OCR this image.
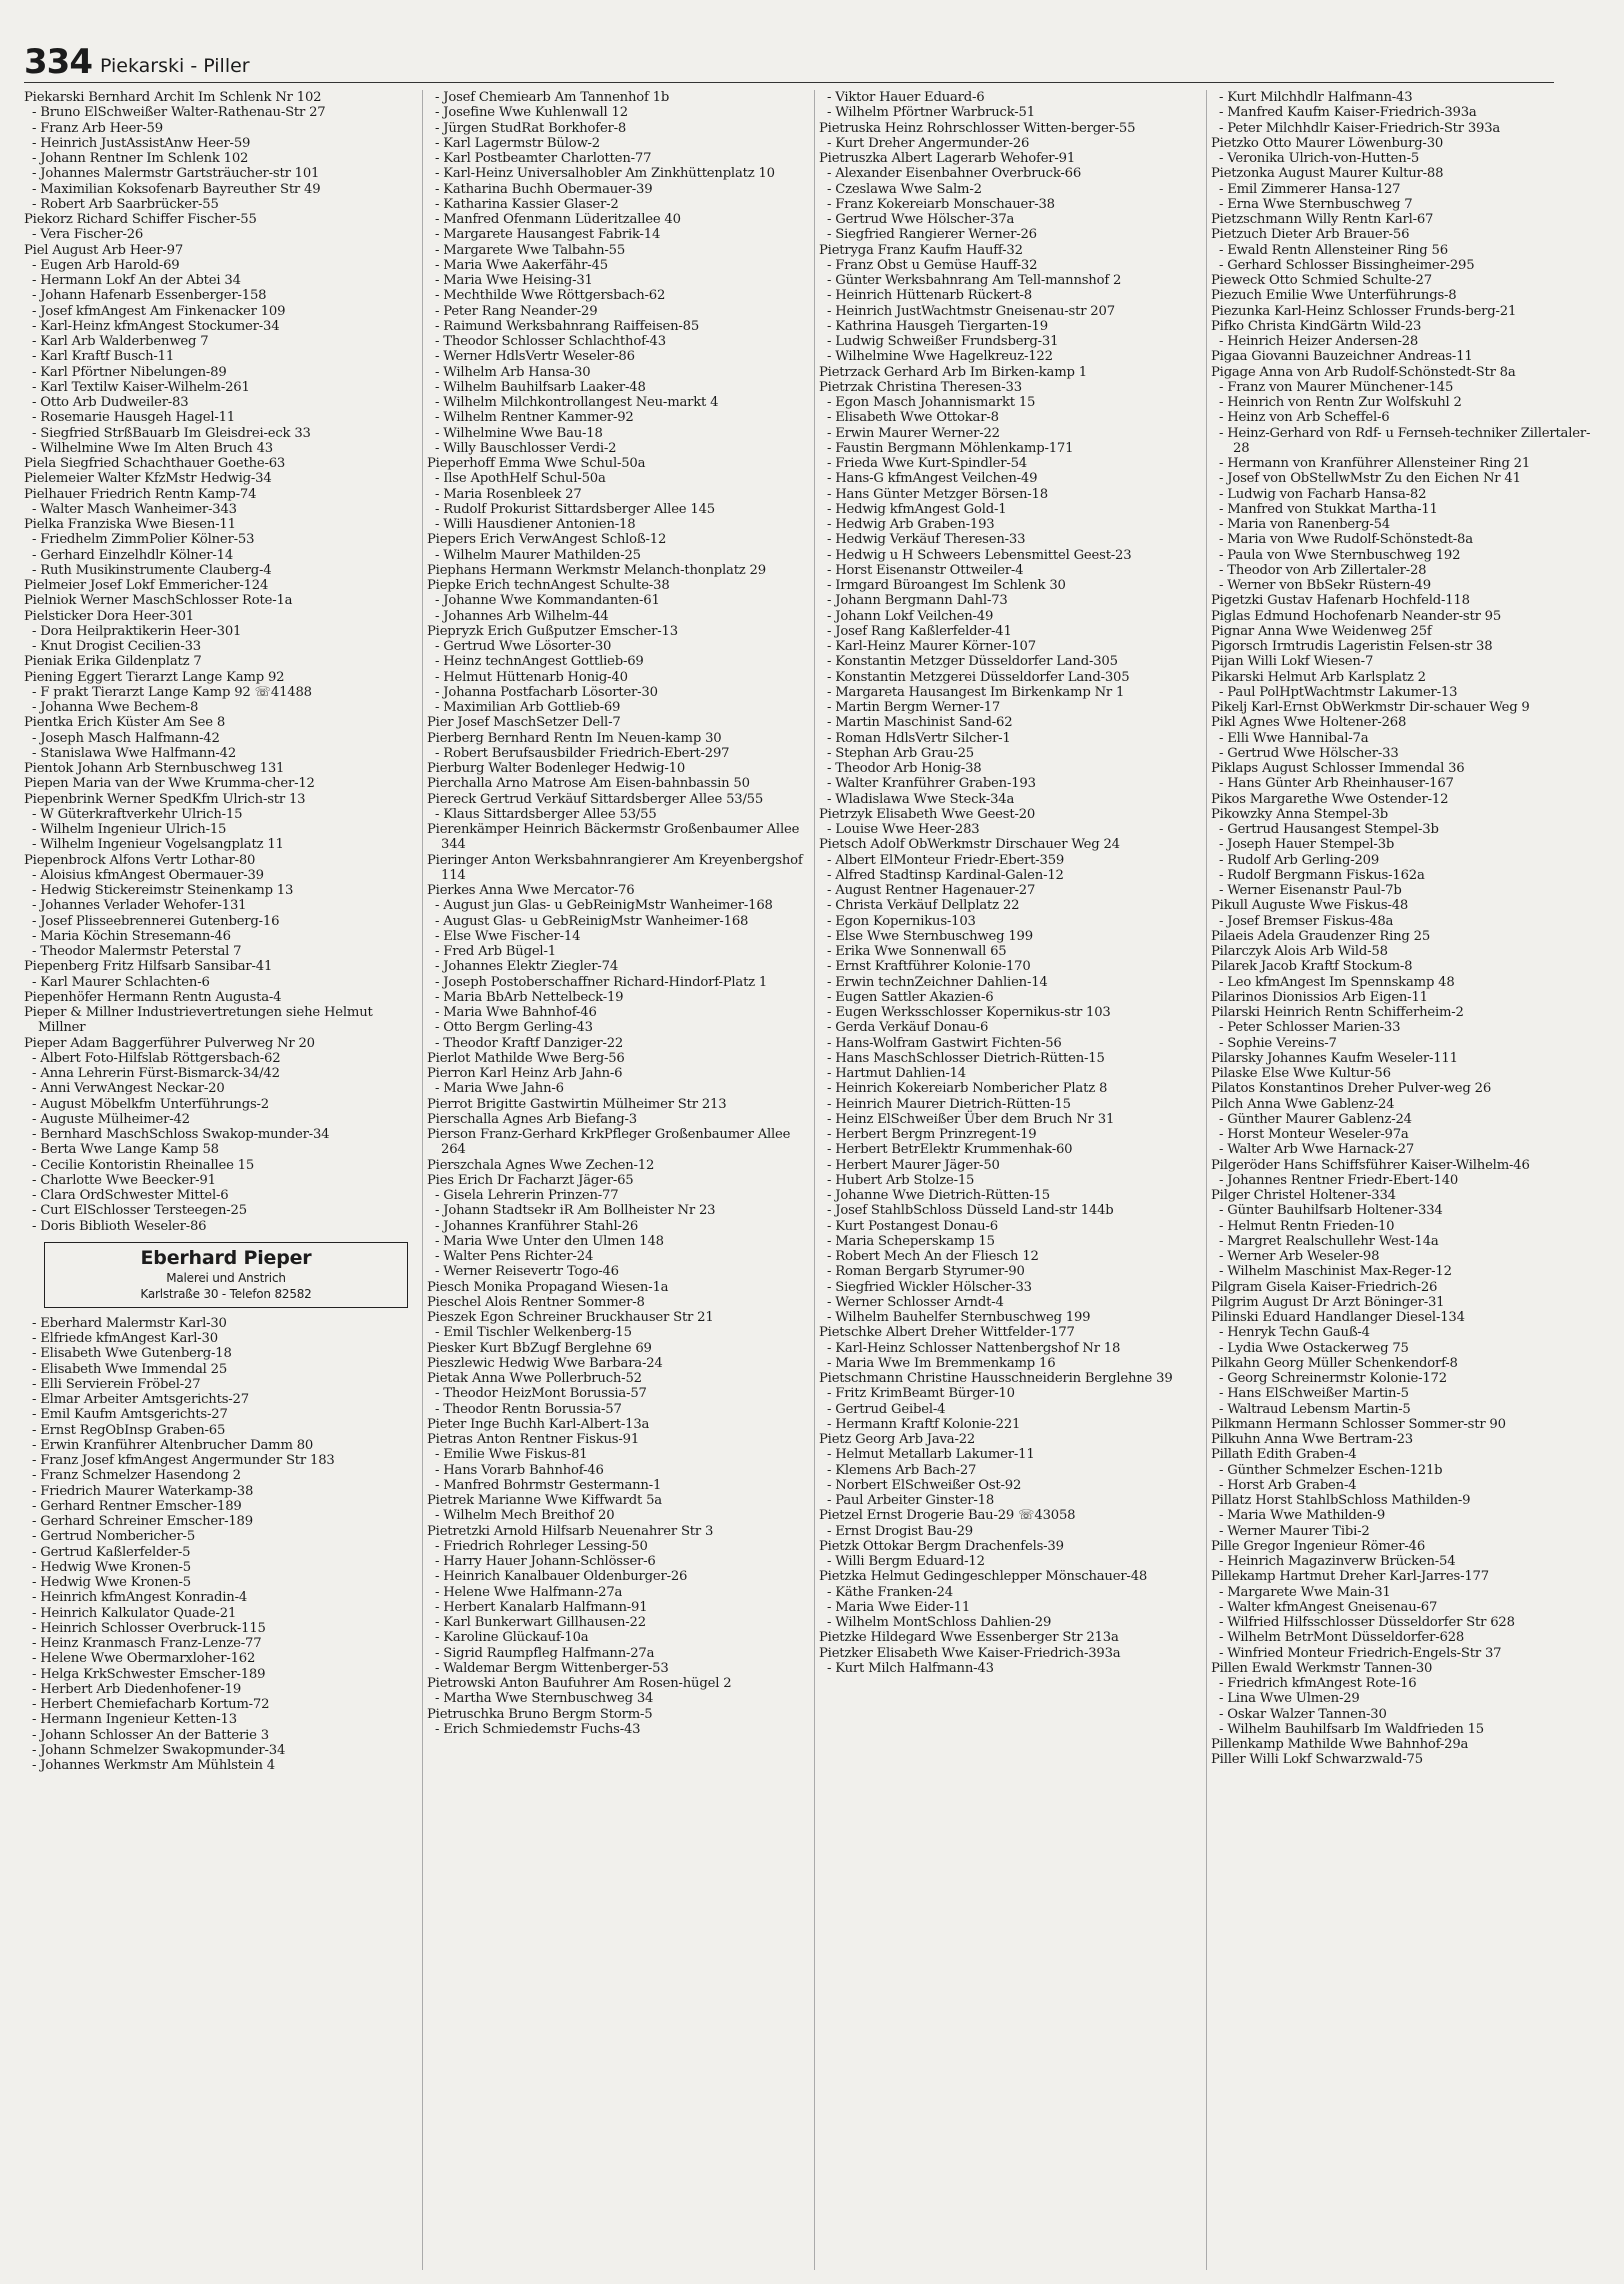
334 Piekarski - Piller
Piekarski Bernhard Archit Im Schlenk Nr 102
- Bruno ElSchweißer Walter-Rathenau-Str 27
- Franz Arb Heer-59
- Heinrich JustAssistAnw Heer-59
- Johann Rentner Im Schlenk 102
- Johannes Malermstr Gartsträucher-str 101
- Maximilian Koksofenarb Bayreuther Str 49
- Robert Arb Saarbrücker-55
Piekorz Richard Schiffer Fischer-55
- Vera Fischer-26
Piel August Arb Heer-97
- Eugen Arb Harold-69
- Hermann Lokf An der Abtei 34
- Johann Hafenarb Essenberger-158
- Josef kfmAngest Am Finkenacker 109
- Karl-Heinz kfmAngest Stockumer-34
- Karl Arb Walderbenweg 7
- Karl Kraftf Busch-11
- Karl Pförtner Nibelungen-89
- Karl Textilw Kaiser-Wilhelm-261
- Otto Arb Dudweiler-83
- Rosemarie Hausgeh Hagel-11
- Siegfried StrßBauarb Im Gleisdrei-eck 33
- Wilhelmine Wwe Im Alten Bruch 43
Piela Siegfried Schachthauer Goethe-63
Pielemeier Walter KfzMstr Hedwig-34
Pielhauer Friedrich Rentn Kamp-74
- Walter Masch Wanheimer-343
Pielka Franziska Wwe Biesen-11
- Friedhelm ZimmPolier Kölner-53
- Gerhard Einzelhdlr Kölner-14
- Ruth Musikinstrumente Clauberg-4
Pielmeier Josef Lokf Emmericher-124
Pielniok Werner MaschSchlosser Rote-1a
Pielsticker Dora Heer-301
- Dora Heilpraktikerin Heer-301
- Knut Drogist Cecilien-33
Pieniak Erika Gildenplatz 7
Piening Eggert Tierarzt Lange Kamp 92
- F prakt Tierarzt Lange Kamp 92 ☏41488
- Johanna Wwe Bechem-8
Pientka Erich Küster Am See 8
- Joseph Masch Halfmann-42
- Stanislawa Wwe Halfmann-42
Pientok Johann Arb Sternbuschweg 131
Piepen Maria van der Wwe Krumma-cher-12
Piepenbrink Werner SpedKfm Ulrich-str 13
- W Güterkraftverkehr Ulrich-15
- Wilhelm Ingenieur Ulrich-15
- Wilhelm Ingenieur Vogelsangplatz 11
Piepenbrock Alfons Vertr Lothar-80
- Aloisius kfmAngest Obermauer-39
- Hedwig Stickereimstr Steinenkamp 13
- Johannes Verlader Wehofer-131
- Josef Plisseebrennerei Gutenberg-16
- Maria Köchin Stresemann-46
- Theodor Malermstr Peterstal 7
Piepenberg Fritz Hilfsarb Sansibar-41
- Karl Maurer Schlachten-6
Piepenhöfer Hermann Rentn Augusta-4
Pieper & Millner Industrievertretungen siehe Helmut Millner
Pieper Adam Baggerführer Pulverweg Nr 20
- Albert Foto-Hilfslab Röttgersbach-62
- Anna Lehrerin Fürst-Bismarck-34/42
- Anni VerwAngest Neckar-20
- August Möbelkfm Unterführungs-2
- Auguste Mülheimer-42
- Bernhard MaschSchloss Swakop-munder-34
- Berta Wwe Lange Kamp 58
- Cecilie Kontoristin Rheinallee 15
- Charlotte Wwe Beecker-91
- Clara OrdSchwester Mittel-6
- Curt ElSchlosser Tersteegen-25
- Doris Biblioth Weseler-86
Eberhard Pieper
Malerei und Anstrich
Karlstraße 30 - Telefon 82582
- Eberhard Malermstr Karl-30
- Elfriede kfmAngest Karl-30
- Elisabeth Wwe Gutenberg-18
- Elisabeth Wwe Immendal 25
- Elli Servierein Fröbel-27
- Elmar Arbeiter Amtsgerichts-27
- Emil Kaufm Amtsgerichts-27
- Ernst RegObInsp Graben-65
- Erwin Kranführer Altenbrucher Damm 80
- Franz Josef kfmAngest Angermunder Str 183
- Franz Schmelzer Hasendong 2
- Friedrich Maurer Waterkamp-38
- Gerhard Rentner Emscher-189
- Gerhard Schreiner Emscher-189
- Gertrud Nombericher-5
- Gertrud Kaßlerfelder-5
- Hedwig Wwe Kronen-5
- Hedwig Wwe Kronen-5
- Heinrich kfmAngest Konradin-4
- Heinrich Kalkulator Quade-21
- Heinrich Schlosser Overbruck-115
- Heinz Kranmasch Franz-Lenze-77
- Helene Wwe Obermarxloher-162
- Helga KrkSchwester Emscher-189
- Herbert Arb Diedenhofener-19
- Herbert Chemiefacharb Kortum-72
- Hermann Ingenieur Ketten-13
- Johann Schlosser An der Batterie 3
- Johann Schmelzer Swakopmunder-34
- Johannes Werkmstr Am Mühlstein 4
- Josef Chemiearb Am Tannenhof 1b
- Josefine Wwe Kuhlenwall 12
- Jürgen StudRat Borkhofer-8
- Karl Lagermstr Bülow-2
- Karl Postbeamter Charlotten-77
- Karl-Heinz Universalhobler Am Zinkhüttenplatz 10
- Katharina Buchh Obermauer-39
- Katharina Kassier Glaser-2
- Manfred Ofenmann Lüderitzallee 40
- Margarete Hausangest Fabrik-14
- Margarete Wwe Talbahn-55
- Maria Wwe Aakerfähr-45
- Maria Wwe Heising-31
- Mechthilde Wwe Röttgersbach-62
- Peter Rang Neander-29
- Raimund Werksbahnrang Raiffeisen-85
- Theodor Schlosser Schlachthof-43
- Werner HdlsVertr Weseler-86
- Wilhelm Arb Hansa-30
- Wilhelm Bauhilfsarb Laaker-48
- Wilhelm Milchkontrollangest Neu-markt 4
- Wilhelm Rentner Kammer-92
- Wilhelmine Wwe Bau-18
- Willy Bauschlosser Verdi-2
Pieperhoff Emma Wwe Schul-50a
- Ilse ApothHelf Schul-50a
- Maria Rosenbleek 27
- Rudolf Prokurist Sittardsberger Allee 145
- Willi Hausdiener Antonien-18
Piepers Erich VerwAngest Schloß-12
- Wilhelm Maurer Mathilden-25
Piephans Hermann Werkmstr Melanch-thonplatz 29
Piepke Erich technAngest Schulte-38
- Johanne Wwe Kommandanten-61
- Johannes Arb Wilhelm-44
Piepryzk Erich Gußputzer Emscher-13
- Gertrud Wwe Lösorter-30
- Heinz technAngest Gottlieb-69
- Helmut Hüttenarb Honig-40
- Johanna Postfacharb Lösorter-30
- Maximilian Arb Gottlieb-69
Pier Josef MaschSetzer Dell-7
Pierberg Bernhard Rentn Im Neuen-kamp 30
- Robert Berufsausbilder Friedrich-Ebert-297
Pierburg Walter Bodenleger Hedwig-10
Pierchalla Arno Matrose Am Eisen-bahnbassin 50
Piereck Gertrud Verkäuf Sittardsberger Allee 53/55
- Klaus Sittardsberger Allee 53/55
Pierenkämper Heinrich Bäckermstr Großenbaumer Allee 344
Pieringer Anton Werksbahnrangierer Am Kreyenbergshof 114
Pierkes Anna Wwe Mercator-76
- August jun Glas- u GebReinigMstr Wanheimer-168
- August Glas- u GebReinigMstr Wanheimer-168
- Else Wwe Fischer-14
- Fred Arb Bügel-1
- Johannes Elektr Ziegler-74
- Joseph Postoberschaffner Richard-Hindorf-Platz 1
- Maria BbArb Nettelbeck-19
- Maria Wwe Bahnhof-46
- Otto Bergm Gerling-43
- Theodor Kraftf Danziger-22
Pierlot Mathilde Wwe Berg-56
Pierron Karl Heinz Arb Jahn-6
- Maria Wwe Jahn-6
Pierrot Brigitte Gastwirtin Mülheimer Str 213
Pierschalla Agnes Arb Biefang-3
Pierson Franz-Gerhard KrkPfleger Großenbaumer Allee 264
Pierszchala Agnes Wwe Zechen-12
Pies Erich Dr Facharzt Jäger-65
- Gisela Lehrerin Prinzen-77
- Johann Stadtsekr iR Am Bollheister Nr 23
- Johannes Kranführer Stahl-26
- Maria Wwe Unter den Ulmen 148
- Walter Pens Richter-24
- Werner Reisevertr Togo-46
Piesch Monika Propagand Wiesen-1a
Pieschel Alois Rentner Sommer-8
Pieszek Egon Schreiner Bruckhauser Str 21
- Emil Tischler Welkenberg-15
Piesker Kurt BbZugf Berglehne 69
Pieszlewic Hedwig Wwe Barbara-24
Pietak Anna Wwe Pollerbruch-52
- Theodor HeizMont Borussia-57
- Theodor Rentn Borussia-57
Pieter Inge Buchh Karl-Albert-13a
Pietras Anton Rentner Fiskus-91
- Emilie Wwe Fiskus-81
- Hans Vorarb Bahnhof-46
- Manfred Bohrmstr Gestermann-1
Pietrek Marianne Wwe Kiffwardt 5a
- Wilhelm Mech Breithof 20
Pietretzki Arnold Hilfsarb Neuenahrer Str 3
- Friedrich Rohrleger Lessing-50
- Harry Hauer Johann-Schlösser-6
- Heinrich Kanalbauer Oldenburger-26
- Helene Wwe Halfmann-27a
- Herbert Kanalarb Halfmann-91
- Karl Bunkerwart Gillhausen-22
- Karoline Glückauf-10a
- Sigrid Raumpfleg Halfmann-27a
- Waldemar Bergm Wittenberger-53
Pietrowski Anton Baufuhrer Am Rosen-hügel 2
- Martha Wwe Sternbuschweg 34
Pietruschka Bruno Bergm Storm-5
- Erich Schmiedemstr Fuchs-43
- Viktor Hauer Eduard-6
- Wilhelm Pförtner Warbruck-51
Pietruska Heinz Rohrschlosser Witten-berger-55
- Kurt Dreher Angermunder-26
Pietruszka Albert Lagerarb Wehofer-91
- Alexander Eisenbahner Overbruck-66
- Czeslawa Wwe Salm-2
- Franz Kokereiarb Monschauer-38
- Gertrud Wwe Hölscher-37a
- Siegfried Rangierer Werner-26
Pietryga Franz Kaufm Hauff-32
- Franz Obst u Gemüse Hauff-32
- Günter Werksbahnrang Am Tell-mannshof 2
- Heinrich Hüttenarb Rückert-8
- Heinrich JustWachtmstr Gneisenau-str 207
- Kathrina Hausgeh Tiergarten-19
- Ludwig Schweißer Frundsberg-31
- Wilhelmine Wwe Hagelkreuz-122
Pietrzack Gerhard Arb Im Birken-kamp 1
Pietrzak Christina Theresen-33
- Egon Masch Johannismarkt 15
- Elisabeth Wwe Ottokar-8
- Erwin Maurer Werner-22
- Faustin Bergmann Möhlenkamp-171
- Frieda Wwe Kurt-Spindler-54
- Hans-G kfmAngest Veilchen-49
- Hans Günter Metzger Börsen-18
- Hedwig kfmAngest Gold-1
- Hedwig Arb Graben-193
- Hedwig Verkäuf Theresen-33
- Hedwig u H Schweers Lebensmittel Geest-23
- Horst Eisenanstr Ottweiler-4
- Irmgard Büroangest Im Schlenk 30
- Johann Bergmann Dahl-73
- Johann Lokf Veilchen-49
- Josef Rang Kaßlerfelder-41
- Karl-Heinz Maurer Körner-107
- Konstantin Metzger Düsseldorfer Land-305
- Konstantin Metzgerei Düsseldorfer Land-305
- Margareta Hausangest Im Birkenkamp Nr 1
- Martin Bergm Werner-17
- Martin Maschinist Sand-62
- Roman HdlsVertr Silcher-1
- Stephan Arb Grau-25
- Theodor Arb Honig-38
- Walter Kranführer Graben-193
- Wladislawa Wwe Steck-34a
Pietrzyk Elisabeth Wwe Geest-20
- Louise Wwe Heer-283
Pietsch Adolf ObWerkmstr Dirschauer Weg 24
- Albert ElMonteur Friedr-Ebert-359
- Alfred Stadtinsp Kardinal-Galen-12
- August Rentner Hagenauer-27
- Christa Verkäuf Dellplatz 22
- Egon Kopernikus-103
- Else Wwe Sternbuschweg 199
- Erika Wwe Sonnenwall 65
- Ernst Kraftführer Kolonie-170
- Erwin technZeichner Dahlien-14
- Eugen Sattler Akazien-6
- Eugen Werksschlosser Kopernikus-str 103
- Gerda Verkäuf Donau-6
- Hans-Wolfram Gastwirt Fichten-56
- Hans MaschSchlosser Dietrich-Rütten-15
- Hartmut Dahlien-14
- Heinrich Kokereiarb Nombericher Platz 8
- Heinrich Maurer Dietrich-Rütten-15
- Heinz ElSchweißer Über dem Bruch Nr 31
- Herbert Bergm Prinzregent-19
- Herbert BetrElektr Krummenhak-60
- Herbert Maurer Jäger-50
- Hubert Arb Stolze-15
- Johanne Wwe Dietrich-Rütten-15
- Josef StahlbSchloss Düsseld Land-str 144b
- Kurt Postangest Donau-6
- Maria Scheperskamp 15
- Robert Mech An der Fliesch 12
- Roman Bergarb Styrumer-90
- Siegfried Wickler Hölscher-33
- Werner Schlosser Arndt-4
- Wilhelm Bauhelfer Sternbuschweg 199
Pietschke Albert Dreher Wittfelder-177
- Karl-Heinz Schlosser Nattenbergshof Nr 18
- Maria Wwe Im Bremmenkamp 16
Pietschmann Christine Hausschneiderin Berglehne 39
- Fritz KrimBeamt Bürger-10
- Gertrud Geibel-4
- Hermann Kraftf Kolonie-221
Pietz Georg Arb Java-22
- Helmut Metallarb Lakumer-11
- Klemens Arb Bach-27
- Norbert ElSchweißer Ost-92
- Paul Arbeiter Ginster-18
Pietzel Ernst Drogerie Bau-29 ☏43058
- Ernst Drogist Bau-29
Pietzk Ottokar Bergm Drachenfels-39
- Willi Bergm Eduard-12
Pietzka Helmut Gedingeschlepper Mönschauer-48
- Käthe Franken-24
- Maria Wwe Eider-11
- Wilhelm MontSchloss Dahlien-29
Pietzke Hildegard Wwe Essenberger Str 213a
Pietzker Elisabeth Wwe Kaiser-Friedrich-393a
- Kurt Milch Halfmann-43
- Kurt Milchhdlr Halfmann-43
- Manfred Kaufm Kaiser-Friedrich-393a
- Peter Milchhdlr Kaiser-Friedrich-Str 393a
Pietzko Otto Maurer Löwenburg-30
- Veronika Ulrich-von-Hutten-5
Pietzonka August Maurer Kultur-88
- Emil Zimmerer Hansa-127
- Erna Wwe Sternbuschweg 7
Pietzschmann Willy Rentn Karl-67
Pietzuch Dieter Arb Brauer-56
- Ewald Rentn Allensteiner Ring 56
- Gerhard Schlosser Bissingheimer-295
Pieweck Otto Schmied Schulte-27
Piezuch Emilie Wwe Unterführungs-8
Piezunka Karl-Heinz Schlosser Frunds-berg-21
Pifko Christa KindGärtn Wild-23
- Heinrich Heizer Andersen-28
Pigaa Giovanni Bauzeichner Andreas-11
Pigage Anna von Arb Rudolf-Schönstedt-Str 8a
- Franz von Maurer Münchener-145
- Heinrich von Rentn Zur Wolfskuhl 2
- Heinz von Arb Scheffel-6
- Heinz-Gerhard von Rdf- u Fernseh-techniker Zillertaler-28
- Hermann von Kranführer Allensteiner Ring 21
- Josef von ObStellwMstr Zu den Eichen Nr 41
- Ludwig von Facharb Hansa-82
- Manfred von Stukkat Martha-11
- Maria von Ranenberg-54
- Maria von Wwe Rudolf-Schönstedt-8a
- Paula von Wwe Sternbuschweg 192
- Theodor von Arb Zillertaler-28
- Werner von BbSekr Rüstern-49
Pigetzki Gustav Hafenarb Hochfeld-118
Piglas Edmund Hochofenarb Neander-str 95
Pignar Anna Wwe Weidenweg 25f
Pigorsch Irmtrudis Lageristin Felsen-str 38
Pijan Willi Lokf Wiesen-7
Pikarski Helmut Arb Karlsplatz 2
- Paul PolHptWachtmstr Lakumer-13
Pikelj Karl-Ernst ObWerkmstr Dir-schauer Weg 9
Pikl Agnes Wwe Holtener-268
- Elli Wwe Hannibal-7a
- Gertrud Wwe Hölscher-33
Piklaps August Schlosser Immendal 36
- Hans Günter Arb Rheinhauser-167
Pikos Margarethe Wwe Ostender-12
Pikowzky Anna Stempel-3b
- Gertrud Hausangest Stempel-3b
- Joseph Hauer Stempel-3b
- Rudolf Arb Gerling-209
- Rudolf Bergmann Fiskus-162a
- Werner Eisenanstr Paul-7b
Pikull Auguste Wwe Fiskus-48
- Josef Bremser Fiskus-48a
Pilaeis Adela Graudenzer Ring 25
Pilarczyk Alois Arb Wild-58
Pilarek Jacob Kraftf Stockum-8
- Leo kfmAngest Im Spennskamp 48
Pilarinos Dionissios Arb Eigen-11
Pilarski Heinrich Rentn Schifferheim-2
- Peter Schlosser Marien-33
- Sophie Vereins-7
Pilarsky Johannes Kaufm Weseler-111
Pilaske Else Wwe Kultur-56
Pilatos Konstantinos Dreher Pulver-weg 26
Pilch Anna Wwe Gablenz-24
- Günther Maurer Gablenz-24
- Horst Monteur Weseler-97a
- Walter Arb Wwe Harnack-27
Pilgeröder Hans Schiffsführer Kaiser-Wilhelm-46
- Johannes Rentner Friedr-Ebert-140
Pilger Christel Holtener-334
- Günter Bauhilfsarb Holtener-334
- Helmut Rentn Frieden-10
- Margret Realschullehr West-14a
- Werner Arb Weseler-98
- Wilhelm Maschinist Max-Reger-12
Pilgram Gisela Kaiser-Friedrich-26
Pilgrim August Dr Arzt Böninger-31
Pilinski Eduard Handlanger Diesel-134
- Henryk Techn Gauß-4
- Lydia Wwe Ostackerweg 75
Pilkahn Georg Müller Schenkendorf-8
- Georg Schreinermstr Kolonie-172
- Hans ElSchweißer Martin-5
- Waltraud Lebensm Martin-5
Pilkmann Hermann Schlosser Sommer-str 90
Pilkuhn Anna Wwe Bertram-23
Pillath Edith Graben-4
- Günther Schmelzer Eschen-121b
- Horst Arb Graben-4
Pillatz Horst StahlbSchloss Mathilden-9
- Maria Wwe Mathilden-9
- Werner Maurer Tibi-2
Pille Gregor Ingenieur Römer-46
- Heinrich Magazinverw Brücken-54
Pillekamp Hartmut Dreher Karl-Jarres-177
- Margarete Wwe Main-31
- Walter kfmAngest Gneisenau-67
- Wilfried Hilfsschlosser Düsseldorfer Str 628
- Wilhelm BetrMont Düsseldorfer-628
- Winfried Monteur Friedrich-Engels-Str 37
Pillen Ewald Werkmstr Tannen-30
- Friedrich kfmAngest Rote-16
- Lina Wwe Ulmen-29
- Oskar Walzer Tannen-30
- Wilhelm Bauhilfsarb Im Waldfrieden 15
Pillenkamp Mathilde Wwe Bahnhof-29a
Piller Willi Lokf Schwarzwald-75
